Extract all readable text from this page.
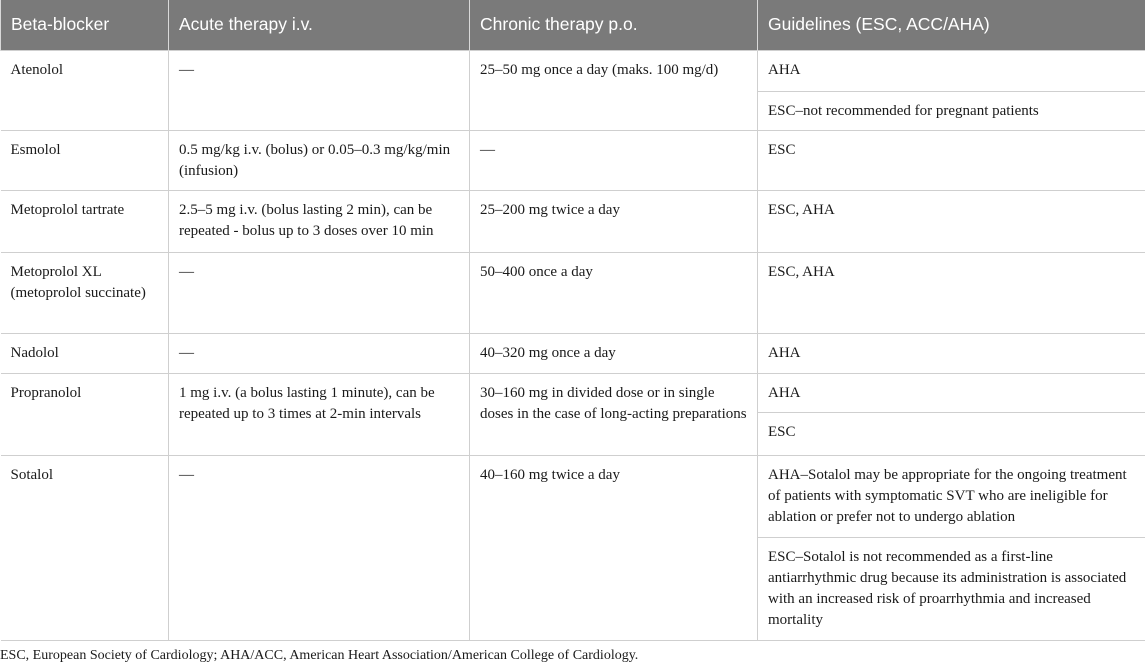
Beta-blocker	Acute therapy i.v.	Chronic therapy p.o.	Guidelines (ESC, ACC/AHA)
Atenolol	—	25–50 mg once a day (maks. 100 mg/d)	AHA
			ESC–not recommended for pregnant patients
Esmolol	0.5 mg/kg i.v. (bolus) or 0.05–0.3 mg/kg/min (infusion)	—	ESC
Metoprolol tartrate	2.5–5 mg i.v. (bolus lasting 2 min), can be repeated - bolus up to 3 doses over 10 min	25–200 mg twice a day	ESC, AHA
Metoprolol XL (metoprolol succinate)	—	50–400 once a day	ESC, AHA
Nadolol	—	40–320 mg once a day	AHA
Propranolol	1 mg i.v. (a bolus lasting 1 minute), can be repeated up to 3 times at 2-min intervals	30–160 mg in divided dose or in single doses in the case of long-acting preparations	AHA
			ESC
Sotalol	—	40–160 mg twice a day	AHA–Sotalol may be appropriate for the ongoing treatment of patients with symptomatic SVT who are ineligible for ablation or prefer not to undergo ablation
			ESC–Sotalol is not recommended as a first-line antiarrhythmic drug because its administration is associated with an increased risk of proarrhythmia and increased mortality
ESC, European Society of Cardiology; AHA/ACC, American Heart Association/American College of Cardiology.
